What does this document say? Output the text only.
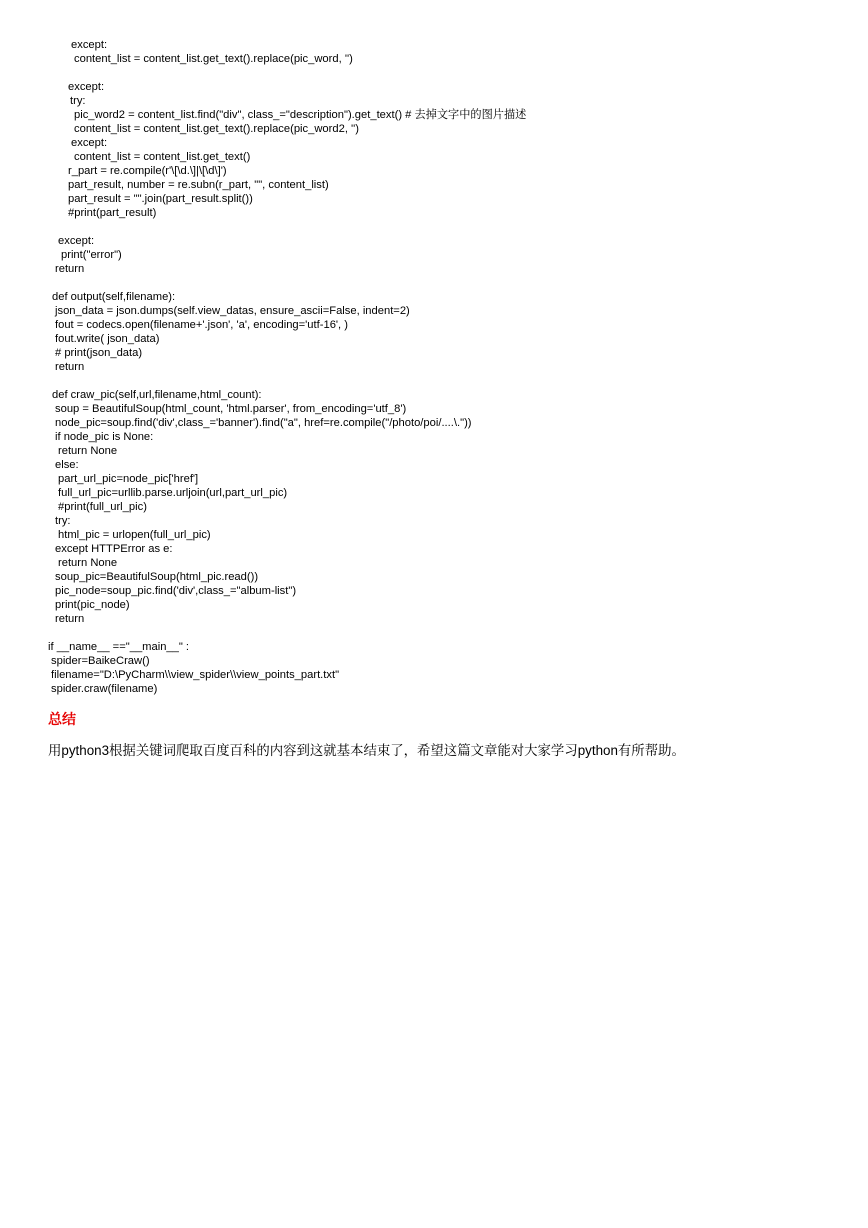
except:
content_list = content_list.get_text().replace(pic_word, '')
except:
try:
pic_word2 = content_list.find("div", class_="description").get_text() # 去掉文字中的图片描述
content_list = content_list.get_text().replace(pic_word2, '')
except:
content_list = content_list.get_text()
r_part = re.compile(r'\[\d.\]|\[\d\]')
part_result, number = re.subn(r_part, "", content_list)
part_result = "".join(part_result.split())
#print(part_result)
except:
print("error")
return
def output(self,filename):
json_data = json.dumps(self.view_datas, ensure_ascii=False, indent=2)
fout = codecs.open(filename+'.json', 'a', encoding='utf-16', )
fout.write( json_data)
# print(json_data)
return
def craw_pic(self,url,filename,html_count):
soup = BeautifulSoup(html_count, 'html.parser', from_encoding='utf_8')
node_pic=soup.find('div',class_='banner').find("a", href=re.compile("/photo/poi/....\."))
if node_pic is None:
return None
else:
part_url_pic=node_pic['href']
full_url_pic=urllib.parse.urljoin(url,part_url_pic)
#print(full_url_pic)
try:
html_pic = urlopen(full_url_pic)
except HTTPError as e:
return None
soup_pic=BeautifulSoup(html_pic.read())
pic_node=soup_pic.find('div',class_="album-list")
print(pic_node)
return
if __name__ =="__main__" :
spider=BaikeCraw()
filename="D:\PyCharm\\view_spider\\view_points_part.txt"
spider.craw(filename)
总结
用python3根据关键词爬取百度百科的内容到这就基本结束了，希望这篇文章能对大家学习python有所帮助。
